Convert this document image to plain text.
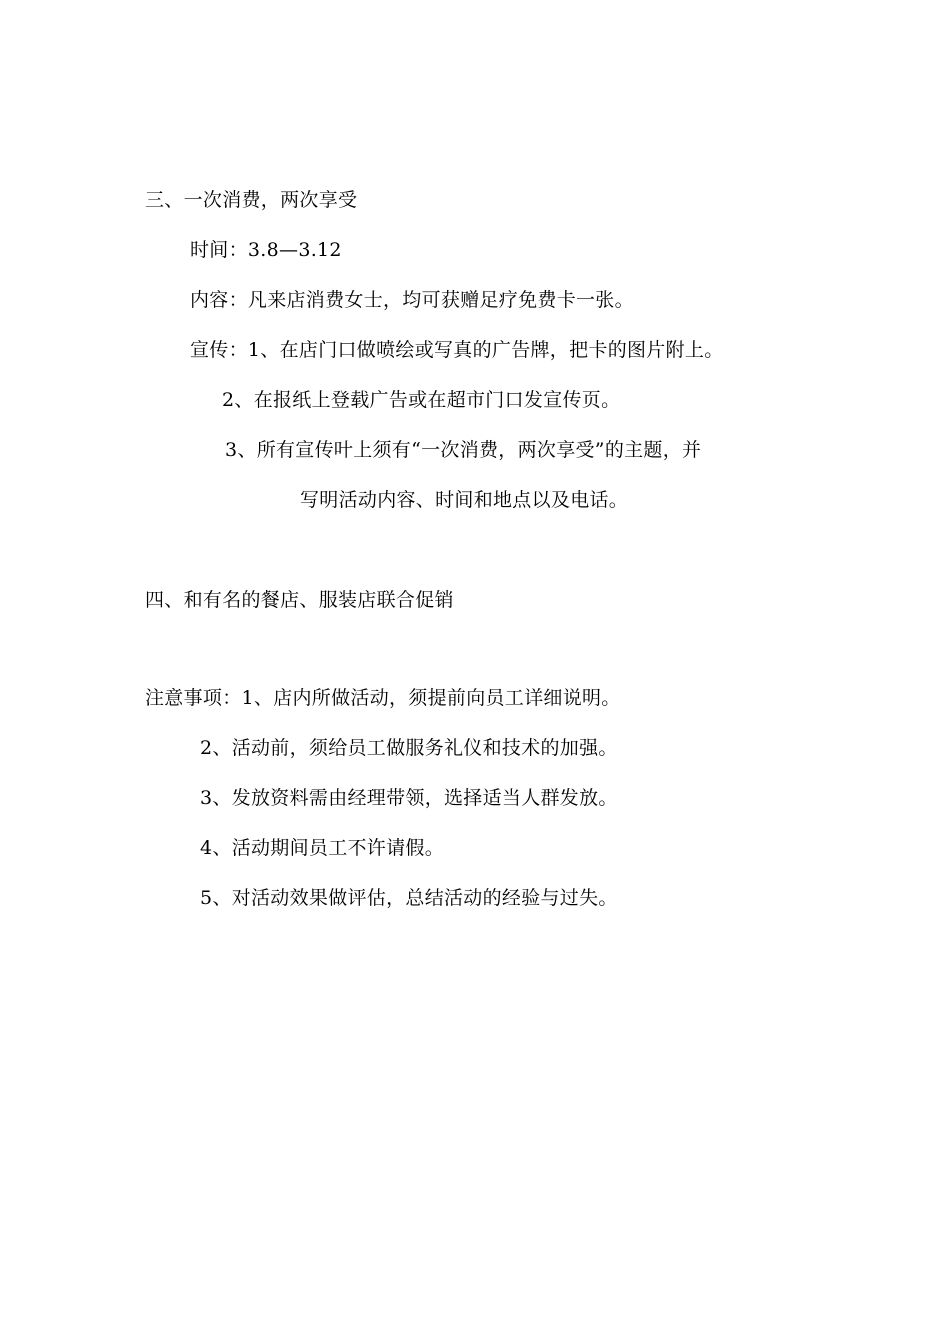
三、一次消费，两次享受
时间：3.8—3.12
内容：凡来店消费女士，均可获赠足疗免费卡一张。
宣传：1、在店门口做喷绘或写真的广告牌，把卡的图片附上。
2、在报纸上登载广告或在超市门口发宣传页。
3、所有宣传叶上须有“一次消费，两次享受”的主题，并
写明活动内容、时间和地点以及电话。
四、和有名的餐店、服装店联合促销
注意事项：1、店内所做活动，须提前向员工详细说明。
2、活动前，须给员工做服务礼仪和技术的加强。
3、发放资料需由经理带领，选择适当人群发放。
4、活动期间员工不许请假。
5、对活动效果做评估，总结活动的经验与过失。
